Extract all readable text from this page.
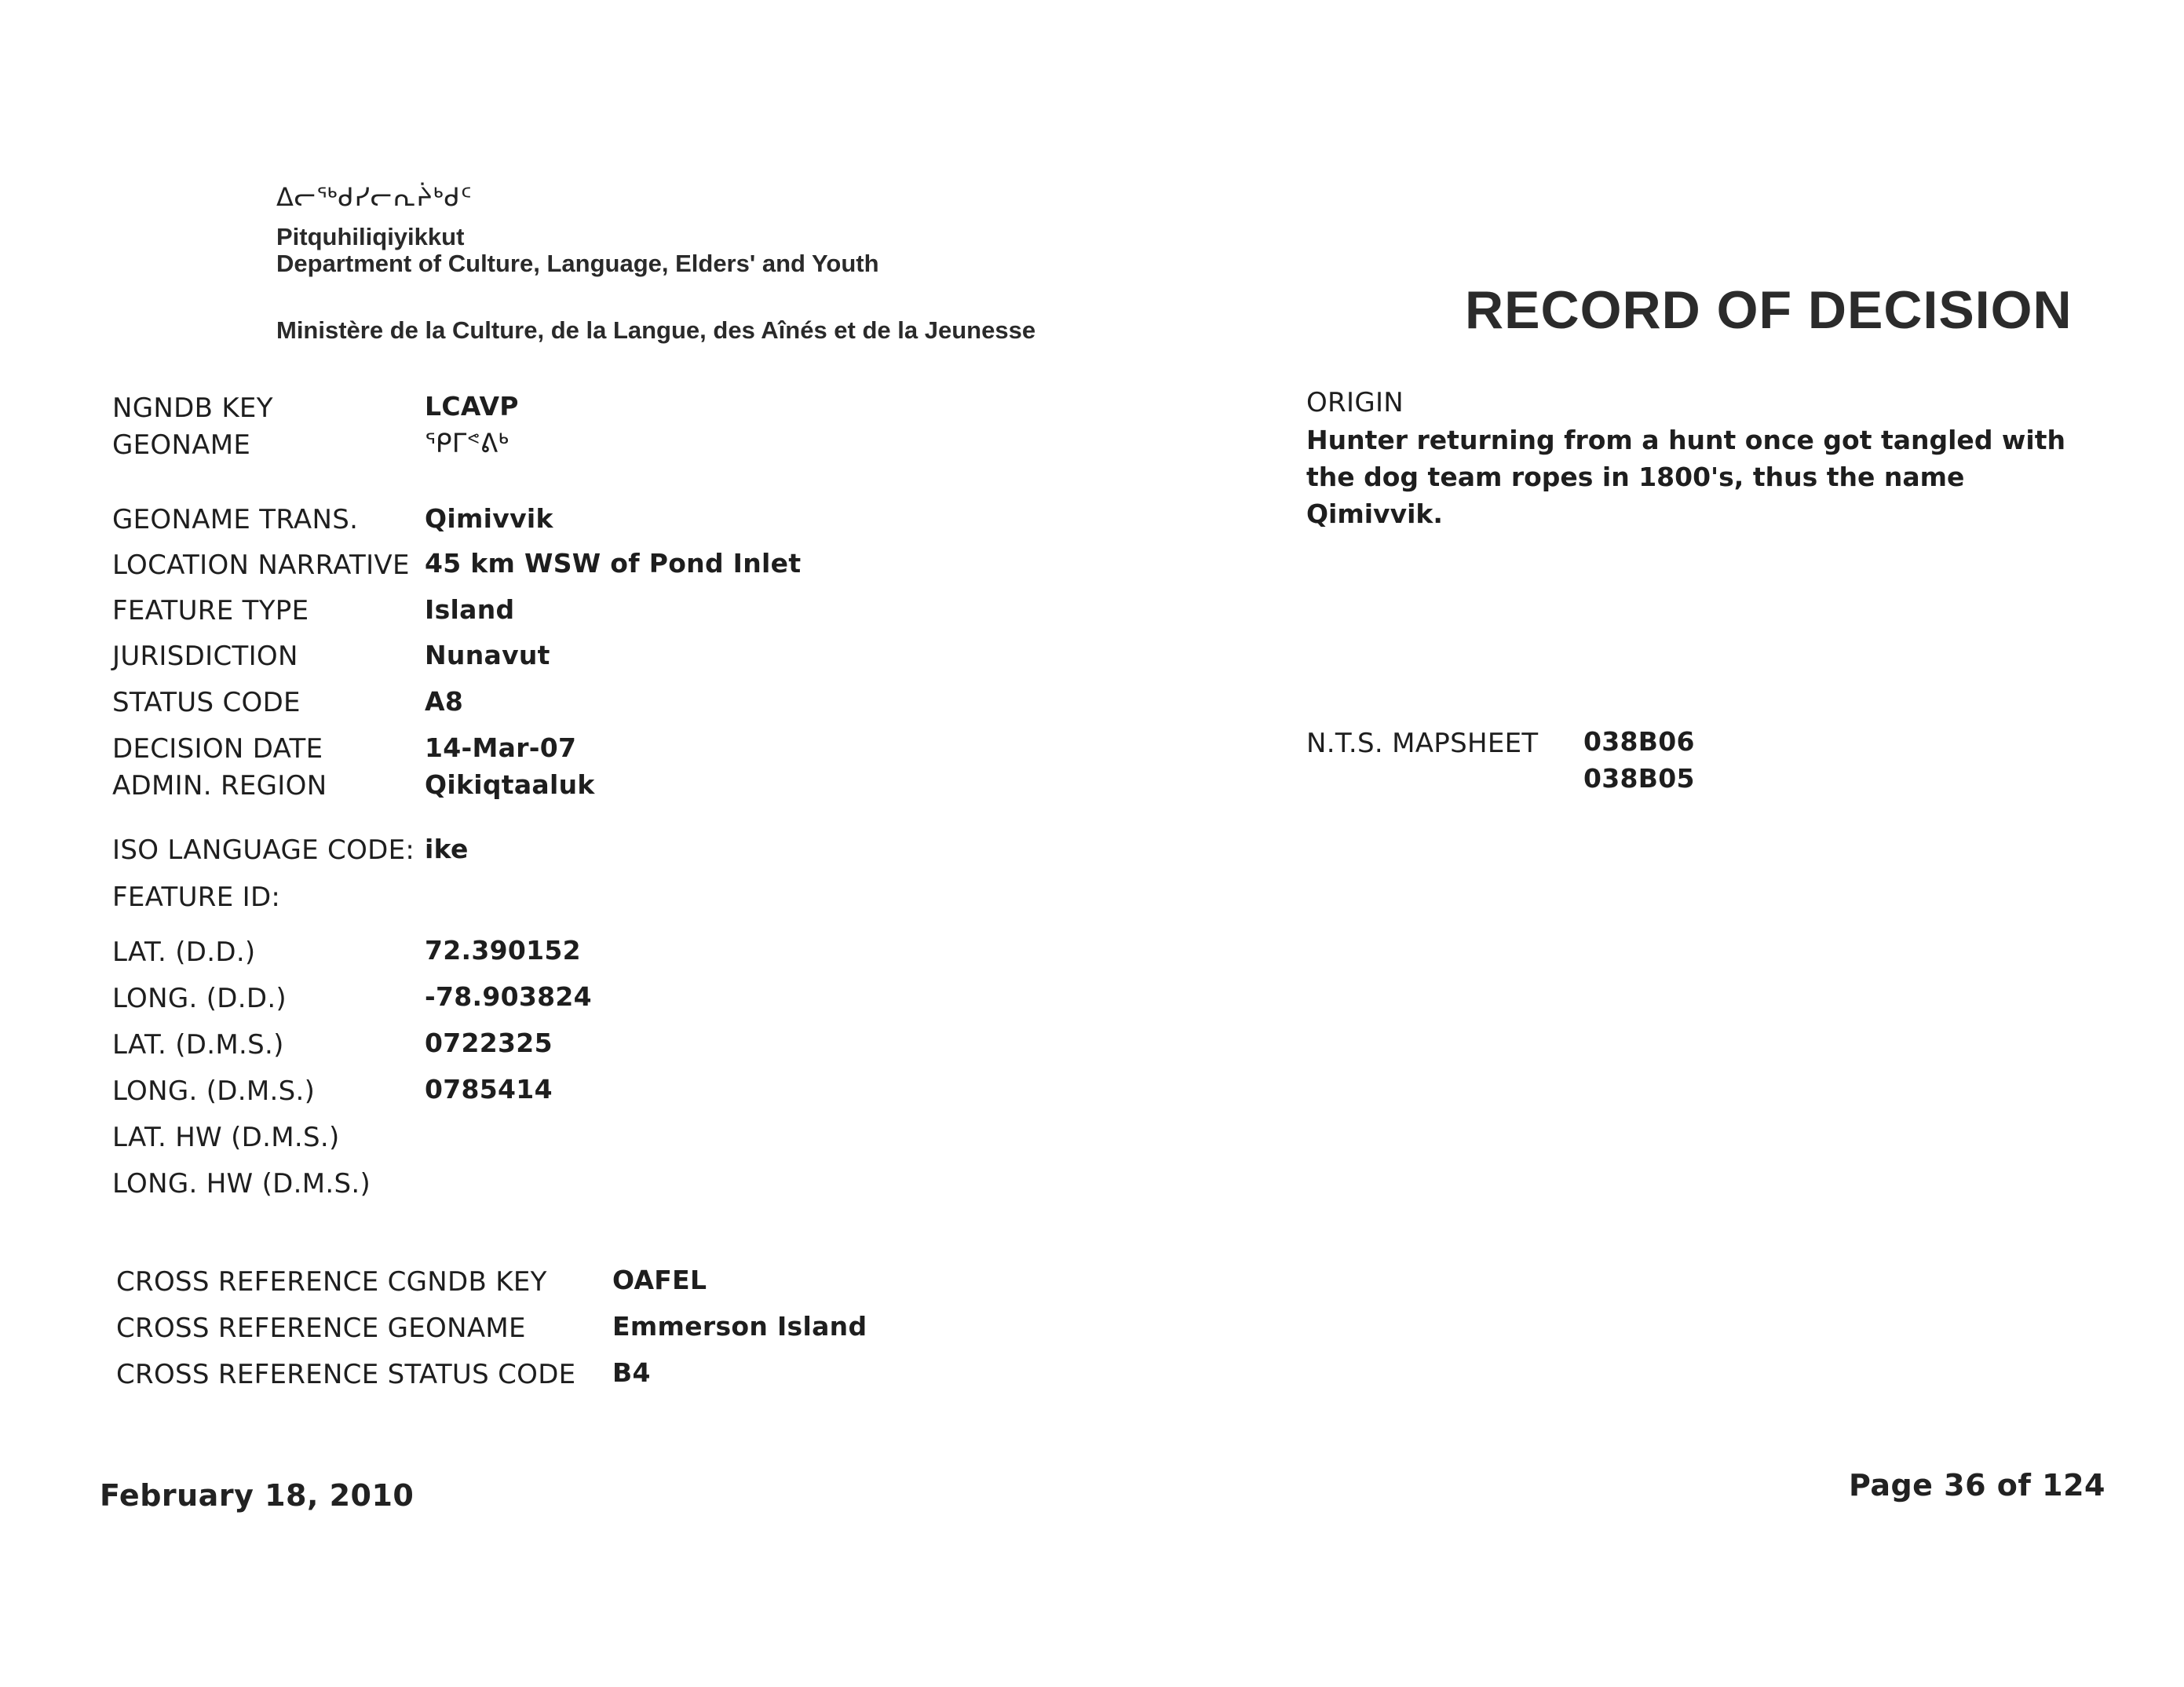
ᐃᓕᖅᑯᓯᓕᕆᔩᒃᑯᑦ
Pitquhiliqiyikkut
Department of Culture, Language, Elders' and Youth
Ministère de la Culture, de la Langue, des Aînés et de la Jeunesse	RECORD OF DECISION
NGNDB KEY
GEONAME
GEONAME TRANS.
LOCATION NARRATIVE
FEATURE TYPE
JURISDICTION
STATUS CODE
DECISION DATE
ADMIN. REGION
ISO LANGUAGE CODE:
FEATURE ID:
LAT. (D.D.)
LONG. (D.D.)
LAT. (D.M.S.)
LONG. (D.M.S.)
LAT. HW (D.M.S.)
LONG. HW (D.M.S.)
LCAVP
ᕿᒥᕝᕕᒃ
Qimivvik
45 km WSW of Pond Inlet
Island
Nunavut
A8
14-Mar-07
Qikiqtaaluk
ike
72.390152
-78.903824
0722325
0785414
CROSS REFERENCE CGNDB KEY
CROSS REFERENCE GEONAME
CROSS REFERENCE STATUS CODE
OAFEL
Emmerson Island
B4
ORIGIN
Hunter returning from a hunt once got tangled with
the dog team ropes in 1800's, thus the name
Qimivvik.
N.T.S. MAPSHEET 038B06
038B05
February 18, 2010	Page 36 of 124
